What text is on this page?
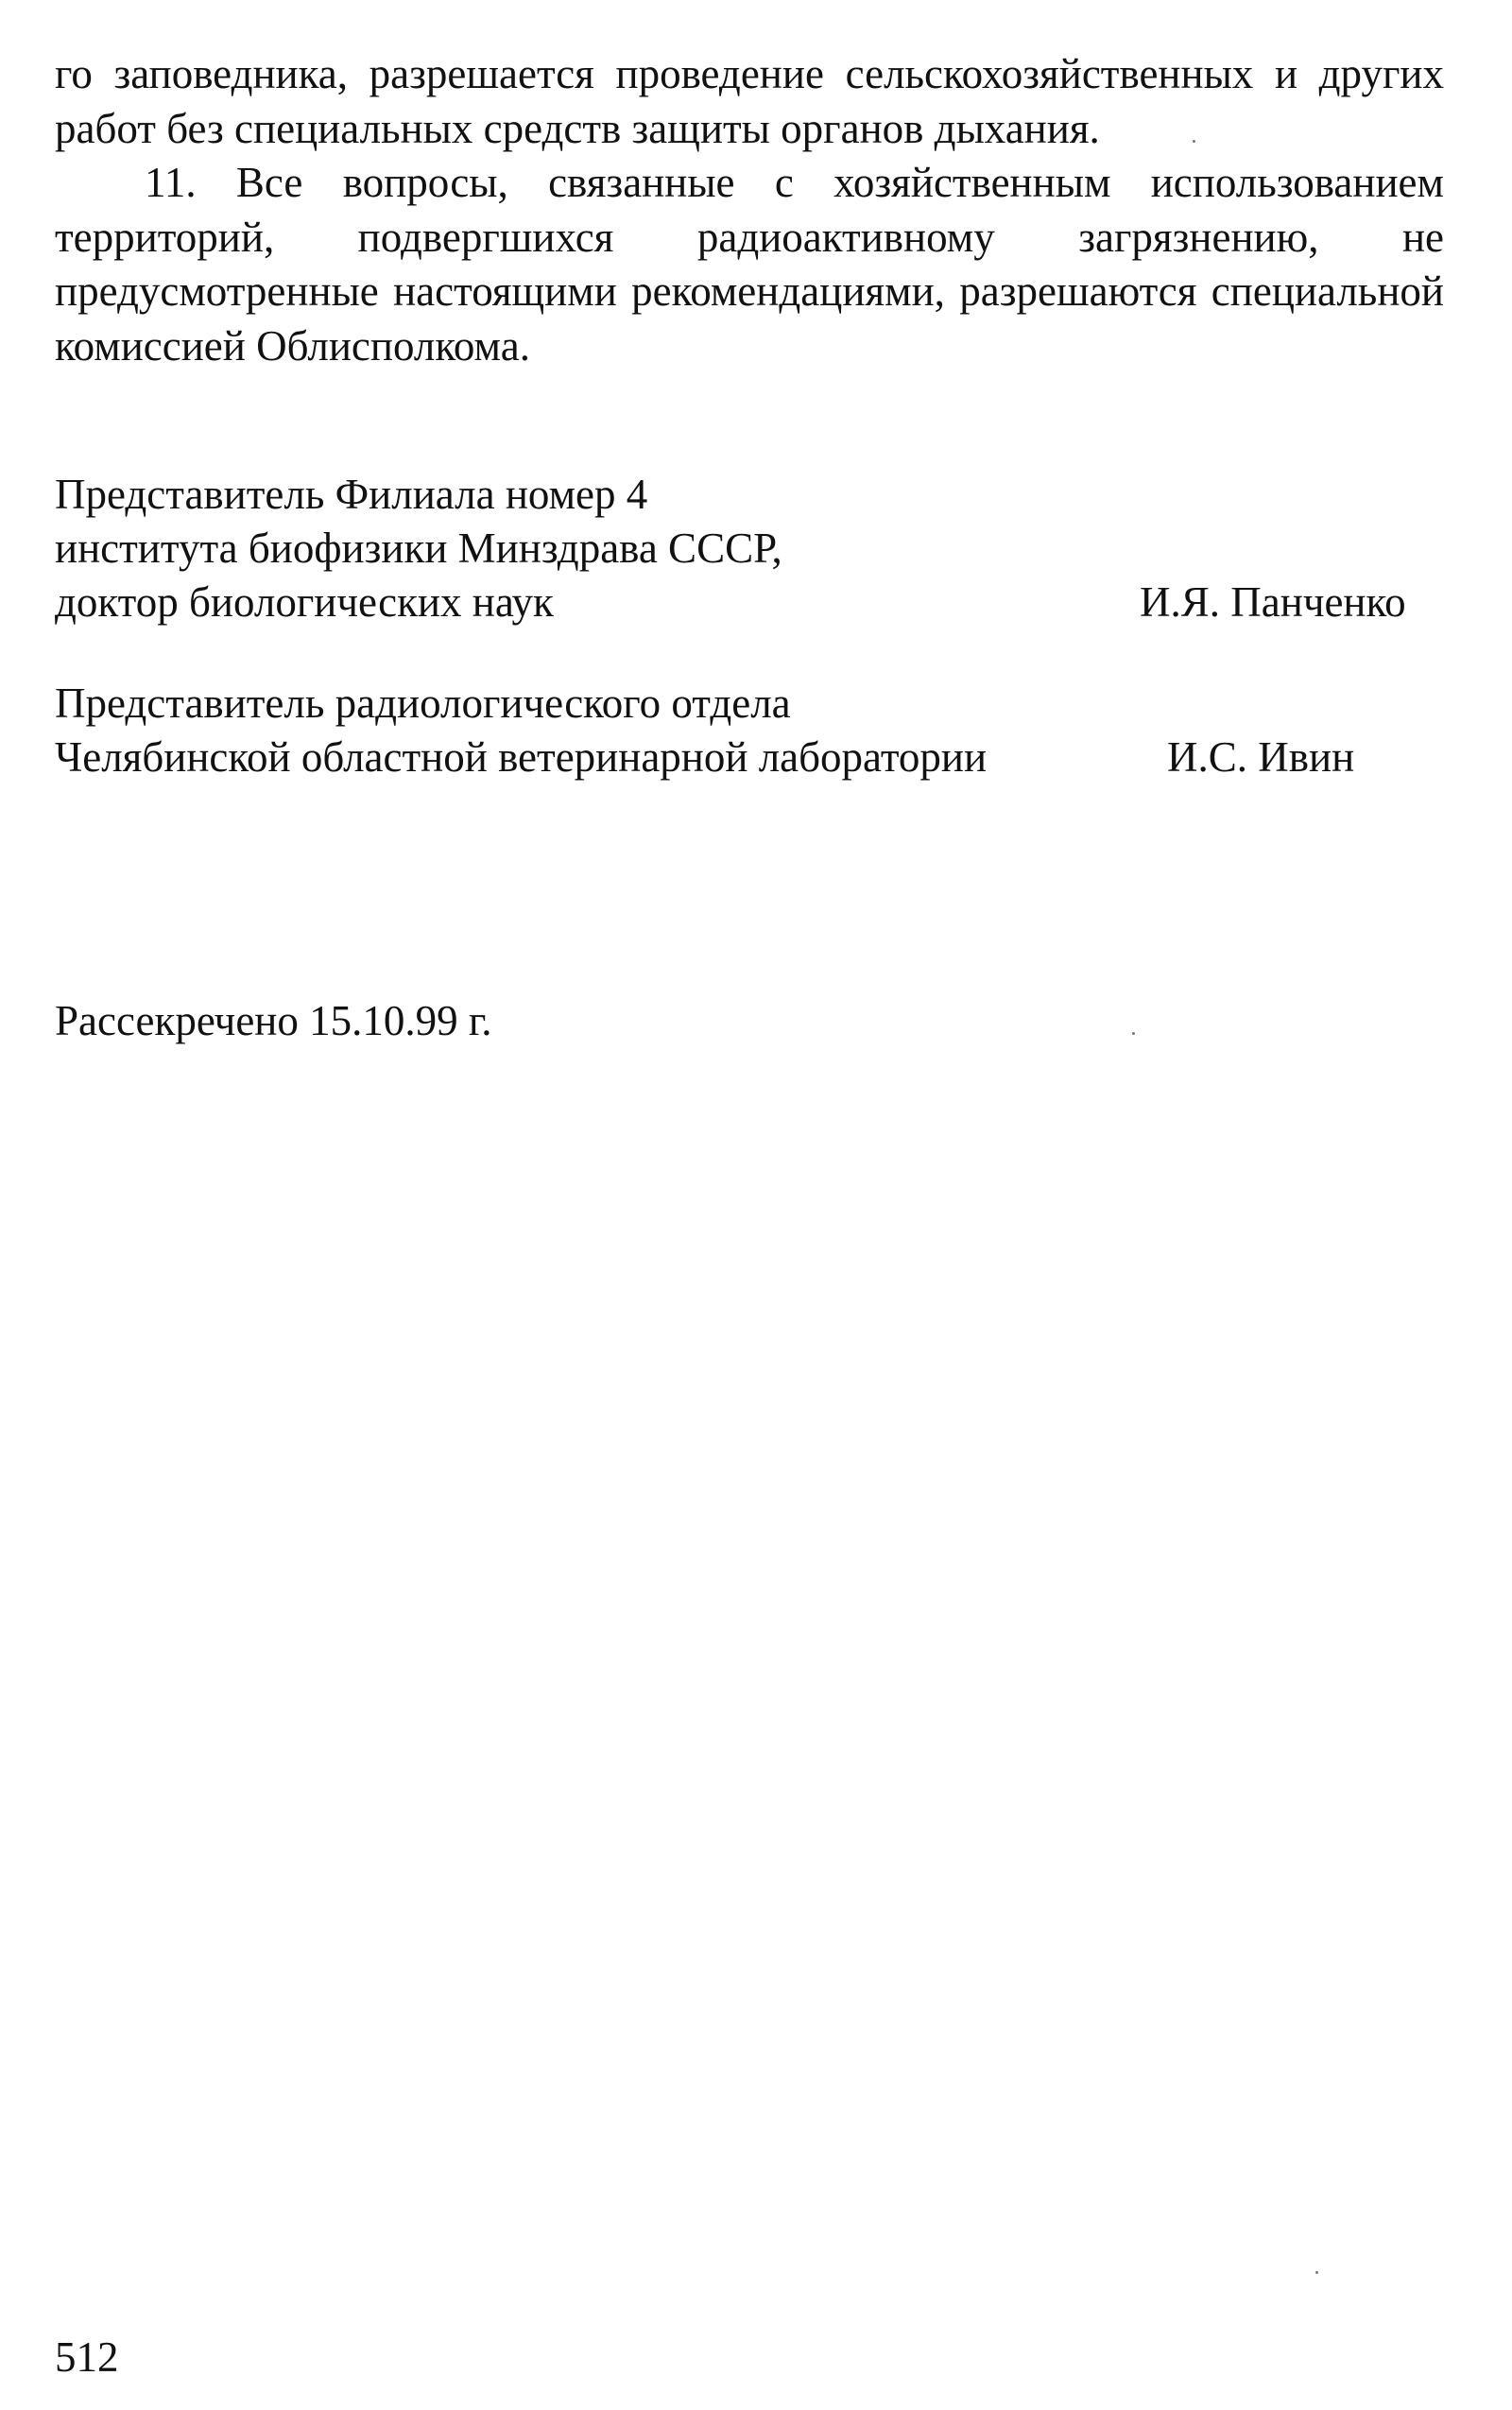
го заповедника, разрешается проведение сельскохозяйственных и других работ без специальных средств защиты органов дыхания.

11. Все вопросы, связанные с хозяйственным использованием территорий, подвергшихся радиоактивному загрязнению, не предусмотренные настоящими рекомендациями, разрешаются специальной комиссией Облисполкома.

Представитель Филиала номер 4
института биофизики Минздрава СССР,
доктор биологических наук	И.Я. Панченко
Представитель радиологического отдела
Челябинской областной ветеринарной лаборатории	И.С. Ивин
Рассекречено 15.10.99 г.
512
